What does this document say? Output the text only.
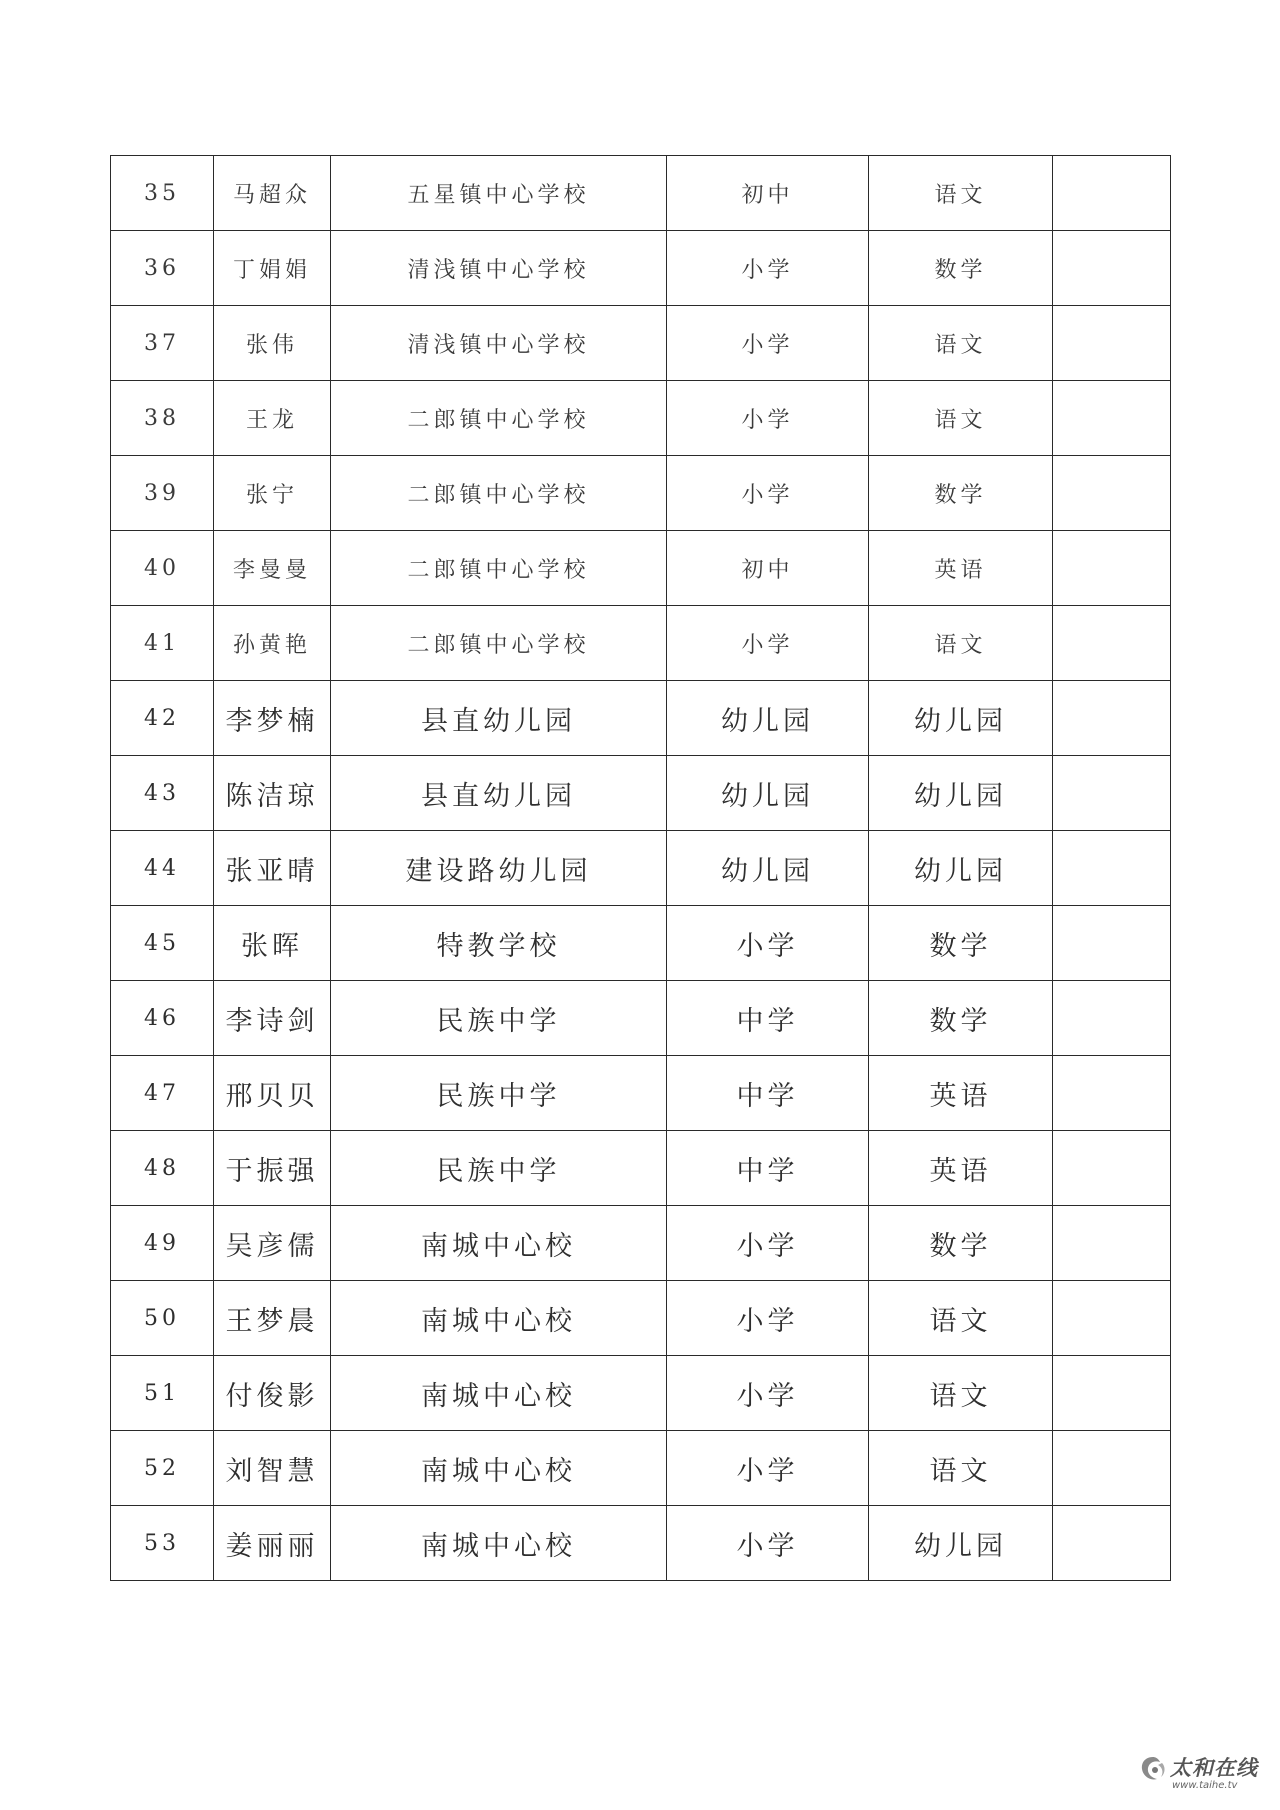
35	马超众	五星镇中心学校	初中	语文	
36	丁娟娟	清浅镇中心学校	小学	数学	
37	张伟	清浅镇中心学校	小学	语文	
38	王龙	二郎镇中心学校	小学	语文	
39	张宁	二郎镇中心学校	小学	数学	
40	李曼曼	二郎镇中心学校	初中	英语	
41	孙黄艳	二郎镇中心学校	小学	语文	
42	李梦楠	县直幼儿园	幼儿园	幼儿园	
43	陈洁琼	县直幼儿园	幼儿园	幼儿园	
44	张亚晴	建设路幼儿园	幼儿园	幼儿园	
45	张晖	特教学校	小学	数学	
46	李诗剑	民族中学	中学	数学	
47	邢贝贝	民族中学	中学	英语	
48	于振强	民族中学	中学	英语	
49	吴彦儒	南城中心校	小学	数学	
50	王梦晨	南城中心校	小学	语文	
51	付俊影	南城中心校	小学	语文	
52	刘智慧	南城中心校	小学	语文	
53	姜丽丽	南城中心校	小学	幼儿园	
太和在线
www.taihe.tv
